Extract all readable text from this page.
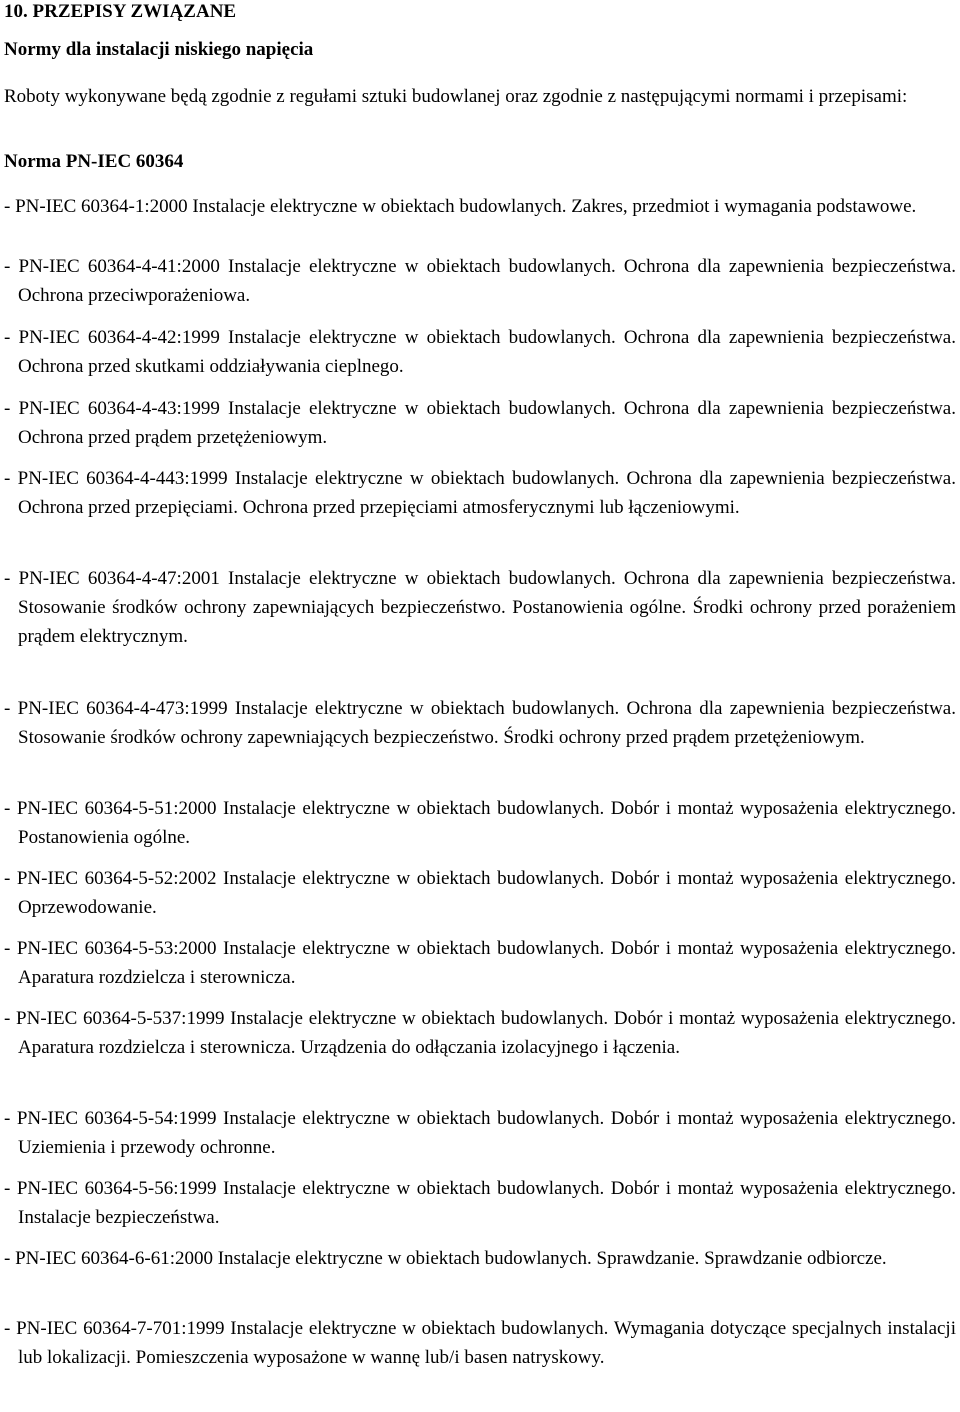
10. PRZEPISY ZWIĄZANE
Normy dla instalacji niskiego napięcia

Roboty wykonywane będą zgodnie z regułami sztuki budowlanej oraz zgodnie z następującymi normami i przepisami:

Norma PN-IEC 60364
- PN-IEC 60364-1:2000 Instalacje elektryczne w obiektach budowlanych. Zakres, przedmiot i wymagania podstawowe.
- PN-IEC 60364-4-41:2000 Instalacje elektryczne w obiektach budowlanych. Ochrona dla zapewnienia bezpieczeństwa. Ochrona przeciwporażeniowa.
- PN-IEC 60364-4-42:1999 Instalacje elektryczne w obiektach budowlanych. Ochrona dla zapewnienia bezpieczeństwa. Ochrona przed skutkami oddziaływania cieplnego.
- PN-IEC 60364-4-43:1999 Instalacje elektryczne w obiektach budowlanych. Ochrona dla zapewnienia bezpieczeństwa. Ochrona przed prądem przetężeniowym.
- PN-IEC 60364-4-443:1999 Instalacje elektryczne w obiektach budowlanych. Ochrona dla zapewnienia bezpieczeństwa. Ochrona przed przepięciami. Ochrona przed przepięciami atmosferycznymi lub łączeniowymi.
- PN-IEC 60364-4-47:2001 Instalacje elektryczne w obiektach budowlanych. Ochrona dla zapewnienia bezpieczeństwa. Stosowanie środków ochrony zapewniających bezpieczeństwo. Postanowienia ogólne. Środki ochrony przed porażeniem prądem elektrycznym.
- PN-IEC 60364-4-473:1999 Instalacje elektryczne w obiektach budowlanych. Ochrona dla zapewnienia bezpieczeństwa. Stosowanie środków ochrony zapewniających bezpieczeństwo. Środki ochrony przed prądem przetężeniowym.
- PN-IEC 60364-5-51:2000 Instalacje elektryczne w obiektach budowlanych. Dobór i montaż wyposażenia elektrycznego. Postanowienia ogólne.
- PN-IEC 60364-5-52:2002 Instalacje elektryczne w obiektach budowlanych. Dobór i montaż wyposażenia elektrycznego. Oprzewodowanie.
- PN-IEC 60364-5-53:2000 Instalacje elektryczne w obiektach budowlanych. Dobór i montaż wyposażenia elektrycznego. Aparatura rozdzielcza i sterownicza.
- PN-IEC 60364-5-537:1999 Instalacje elektryczne w obiektach budowlanych. Dobór i montaż wyposażenia elektrycznego. Aparatura rozdzielcza i sterownicza. Urządzenia do odłączania izolacyjnego i łączenia.
- PN-IEC 60364-5-54:1999 Instalacje elektryczne w obiektach budowlanych. Dobór i montaż wyposażenia elektrycznego. Uziemienia i przewody ochronne.
- PN-IEC 60364-5-56:1999 Instalacje elektryczne w obiektach budowlanych. Dobór i montaż wyposażenia elektrycznego. Instalacje bezpieczeństwa.
- PN-IEC 60364-6-61:2000 Instalacje elektryczne w obiektach budowlanych. Sprawdzanie. Sprawdzanie odbiorcze.
- PN-IEC 60364-7-701:1999 Instalacje elektryczne w obiektach budowlanych. Wymagania dotyczące specjalnych instalacji lub lokalizacji. Pomieszczenia wyposażone w wannę lub/i basen natryskowy.
